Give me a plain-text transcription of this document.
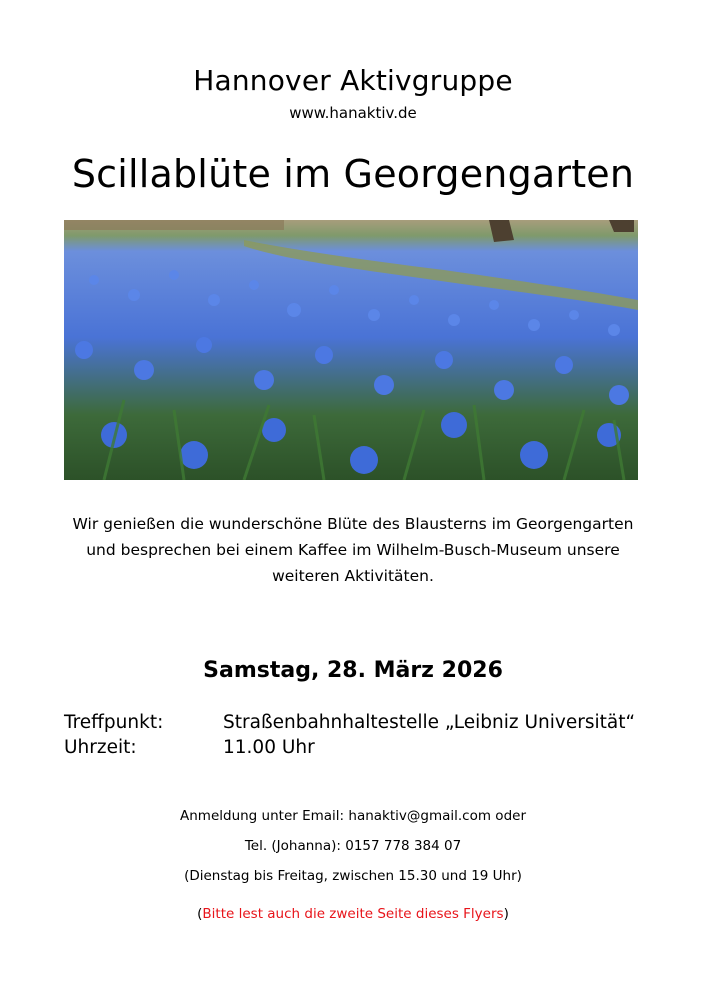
Hannover Aktivgruppe
www.hanaktiv.de
Scillablüte im Georgengarten
Wir genießen die wunderschöne Blüte des Blausterns im Georgengarten
und besprechen bei einem Kaffee im Wilhelm-Busch-Museum unsere
weiteren Aktivitäten.
Samstag, 28. März 2026
Treffpunkt:	Straßenbahnhaltestelle „Leibniz Universität“
Uhrzeit:	11.00 Uhr
Anmeldung unter Email: hanaktiv@gmail.com oder
Tel. (Johanna): 0157 778 384 07
(Dienstag bis Freitag, zwischen 15.30 und 19 Uhr)
(Bitte lest auch die zweite Seite dieses Flyers)
